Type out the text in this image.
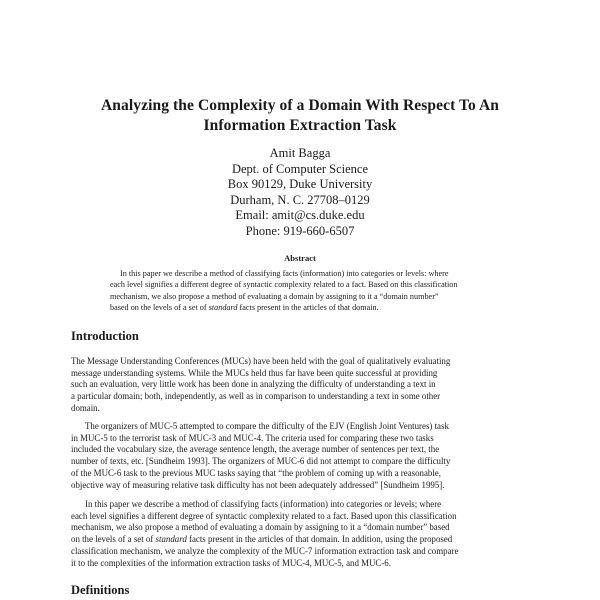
Analyzing the Complexity of a Domain With Respect To An
Information Extraction Task
Amit Bagga
Dept. of Computer Science
Box 90129, Duke University
Durham, N. C. 27708–0129
Email: amit@cs.duke.edu
Phone: 919-660-6507
Abstract
In this paper we describe a method of classifying facts (information) into categories or levels: where
each level signifies a different degree of syntactic complexity related to a fact. Based on this classification
mechanism, we also propose a method of evaluating a domain by assigning to it a “domain number”
based on the levels of a set of standard facts present in the articles of that domain.
Introduction
The Message Understanding Conferences (MUCs) have been held with the goal of qualitatively evaluating
message understanding systems. While the MUCs held thus far have been quite successful at providing
such an evaluation, very little work has been done in analyzing the difficulty of understanding a text in
a particular domain; both, independently, as well as in comparison to understanding a text in some other
domain.
The organizers of MUC-5 attempted to compare the difficulty of the EJV (English Joint Ventures) task
in MUC-5 to the terrorist task of MUC-3 and MUC-4. The criteria used for comparing these two tasks
included the vocabulary size, the average sentence length, the average number of sentences per text, the
number of texts, etc. [Sundheim 1993]. The organizers of MUC-6 did not attempt to compare the difficulty
of the MUC-6 task to the previous MUC tasks saying that “the problem of coming up with a reasonable,
objective way of measuring relative task difficulty has not been adequately addressed” [Sundheim 1995].
In this paper we describe a method of classifying facts (information) into categories or levels; where
each level signifies a different degree of syntactic complexity related to a fact. Based upon this classification
mechanism, we also propose a method of evaluating a domain by assigning to it a “domain number” based
on the levels of a set of standard facts present in the articles of that domain. In addition, using the proposed
classification mechanism, we analyze the complexity of the MUC-7 information extraction task and compare
it to the complexities of the information extraction tasks of MUC-4, MUC-5, and MUC-6.
Definitions
